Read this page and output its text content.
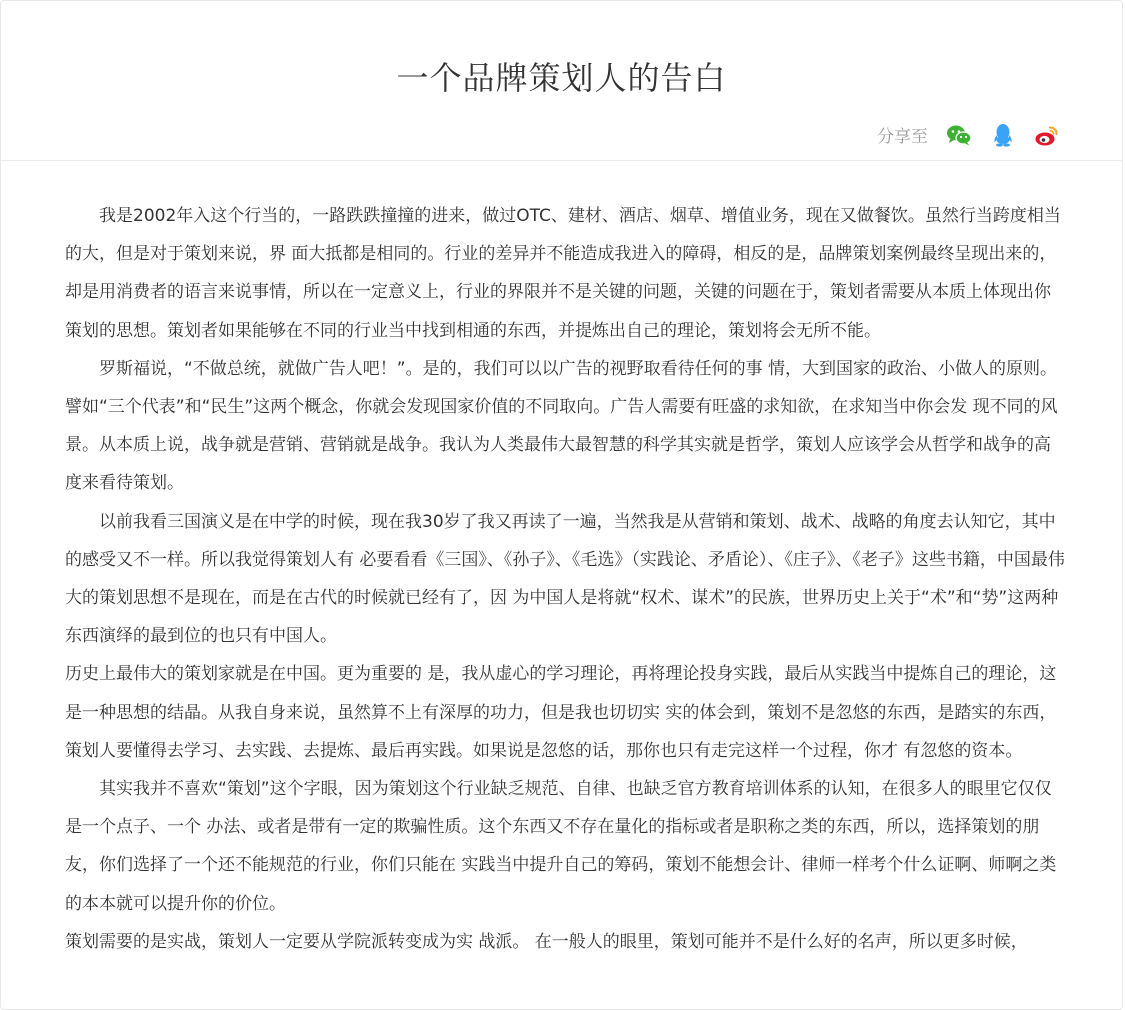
一个品牌策划人的告白
分享至

我是2002年入这个行当的，一路跌跌撞撞的进来，做过OTC、建材、酒店、烟草、增值业务，现在又做餐饮。虽然行当跨度相当的大，但是对于策划来说，界 面大抵都是相同的。行业的差异并不能造成我进入的障碍，相反的是，品牌策划案例最终呈现出来的，却是用消费者的语言来说事情，所以在一定意义上，行业的界限并不是关键的问题，关键的问题在于，策划者需要从本质上体现出你策划的思想。策划者如果能够在不同的行业当中找到相通的东西，并提炼出自己的理论，策划将会无所不能。

罗斯福说，“不做总统，就做广告人吧！”。是的，我们可以以广告的视野取看待任何的事 情，大到国家的政治、小做人的原则。譬如“三个代表”和“民生”这两个概念，你就会发现国家价值的不同取向。广告人需要有旺盛的求知欲，在求知当中你会发 现不同的风景。从本质上说，战争就是营销、营销就是战争。我认为人类最伟大最智慧的科学其实就是哲学，策划人应该学会从哲学和战争的高度来看待策划。

以前我看三国演义是在中学的时候，现在我30岁了我又再读了一遍，当然我是从营销和策划、战术、战略的角度去认知它，其中的感受又不一样。所以我觉得策划人有 必要看看《三国》、《孙子》、《毛选》（实践论、矛盾论）、《庄子》、《老子》这些书籍，中国最伟大的策划思想不是现在，而是在古代的时候就已经有了，因 为中国人是将就“权术、谋术”的民族，世界历史上关于“术”和“势”这两种东西演绎的最到位的也只有中国人。

历史上最伟大的策划家就是在中国。更为重要的 是，我从虚心的学习理论，再将理论投身实践，最后从实践当中提炼自己的理论，这是一种思想的结晶。从我自身来说，虽然算不上有深厚的功力，但是我也切切实 实的体会到，策划不是忽悠的东西，是踏实的东西，策划人要懂得去学习、去实践、去提炼、最后再实践。如果说是忽悠的话，那你也只有走完这样一个过程，你才 有忽悠的资本。

其实我并不喜欢“策划”这个字眼，因为策划这个行业缺乏规范、自律、也缺乏官方教育培训体系的认知，在很多人的眼里它仅仅是一个点子、一个 办法、或者是带有一定的欺骗性质。这个东西又不存在量化的指标或者是职称之类的东西，所以，选择策划的朋友，你们选择了一个还不能规范的行业，你们只能在 实践当中提升自己的筹码，策划不能想会计、律师一样考个什么证啊、师啊之类的本本就可以提升你的价位。

策划需要的是实战，策划人一定要从学院派转变成为实 战派。 在一般人的眼里，策划可能并不是什么好的名声，所以更多时候，
